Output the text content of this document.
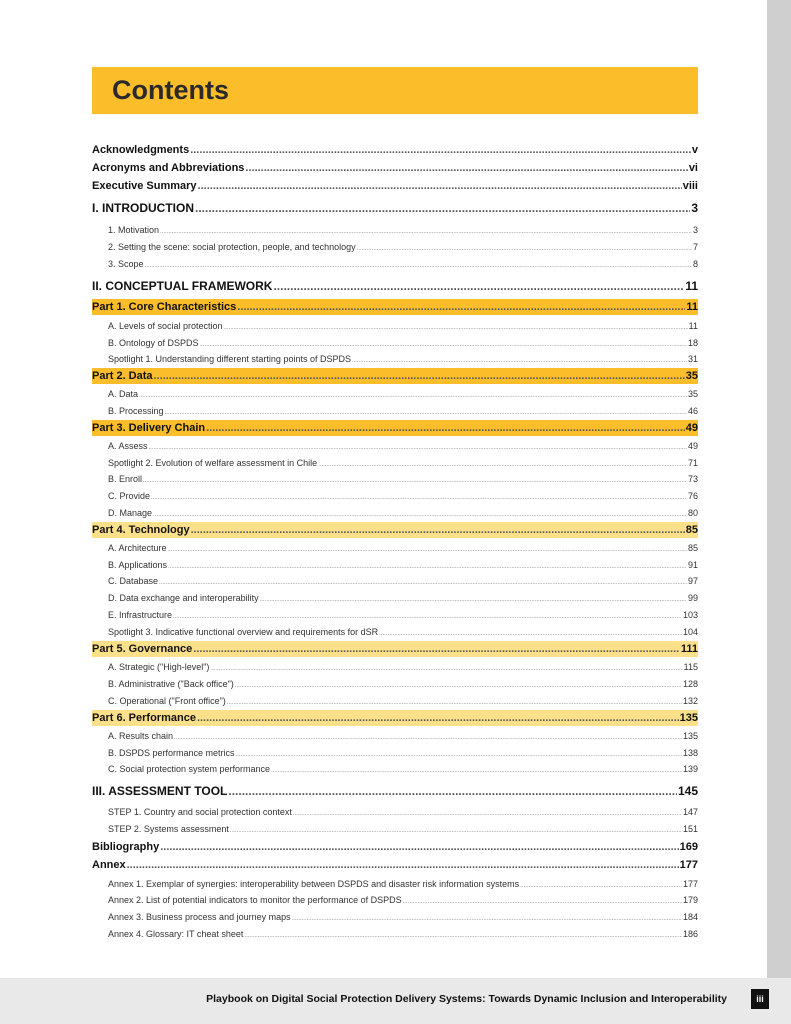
Contents
Acknowledgments .....	v
Acronyms and Abbreviations .....	vi
Executive Summary .....	viii
I. INTRODUCTION .....	3
1. Motivation .....	3
2. Setting the scene: social protection, people, and technology .....	7
3. Scope .....	8
II. CONCEPTUAL FRAMEWORK .....	11
Part 1. Core Characteristics .....	11
A. Levels of social protection .....	11
B. Ontology of DSPDS .....	18
Spotlight 1. Understanding different starting points of DSPDS .....	31
Part 2. Data .....	35
A. Data .....	35
B. Processing .....	46
Part 3. Delivery Chain .....	49
A. Assess .....	49
Spotlight 2. Evolution of welfare assessment in Chile .....	71
B. Enroll .....	73
C. Provide .....	76
D. Manage .....	80
Part 4. Technology .....	85
A. Architecture .....	85
B. Applications .....	91
C. Database .....	97
D. Data exchange and interoperability .....	99
E. Infrastructure .....	103
Spotlight 3. Indicative functional overview and requirements for dSR .....	104
Part 5. Governance .....	111
A. Strategic ("High-level") .....	115
B. Administrative ("Back office") .....	128
C. Operational ("Front office") .....	132
Part 6. Performance .....	135
A. Results chain .....	135
B. DSPDS performance metrics .....	138
C. Social protection system performance .....	139
III. ASSESSMENT TOOL .....	145
STEP 1. Country and social protection context .....	147
STEP 2. Systems assessment .....	151
Bibliography .....	169
Annex .....	177
Annex 1. Exemplar of synergies: interoperability between DSPDS and disaster risk information systems .....	177
Annex 2. List of potential indicators to monitor the performance of DSPDS .....	179
Annex 3. Business process and journey maps .....	184
Annex 4. Glossary: IT cheat sheet .....	186
Playbook on Digital Social Protection Delivery Systems: Towards Dynamic Inclusion and Interoperability	iii
